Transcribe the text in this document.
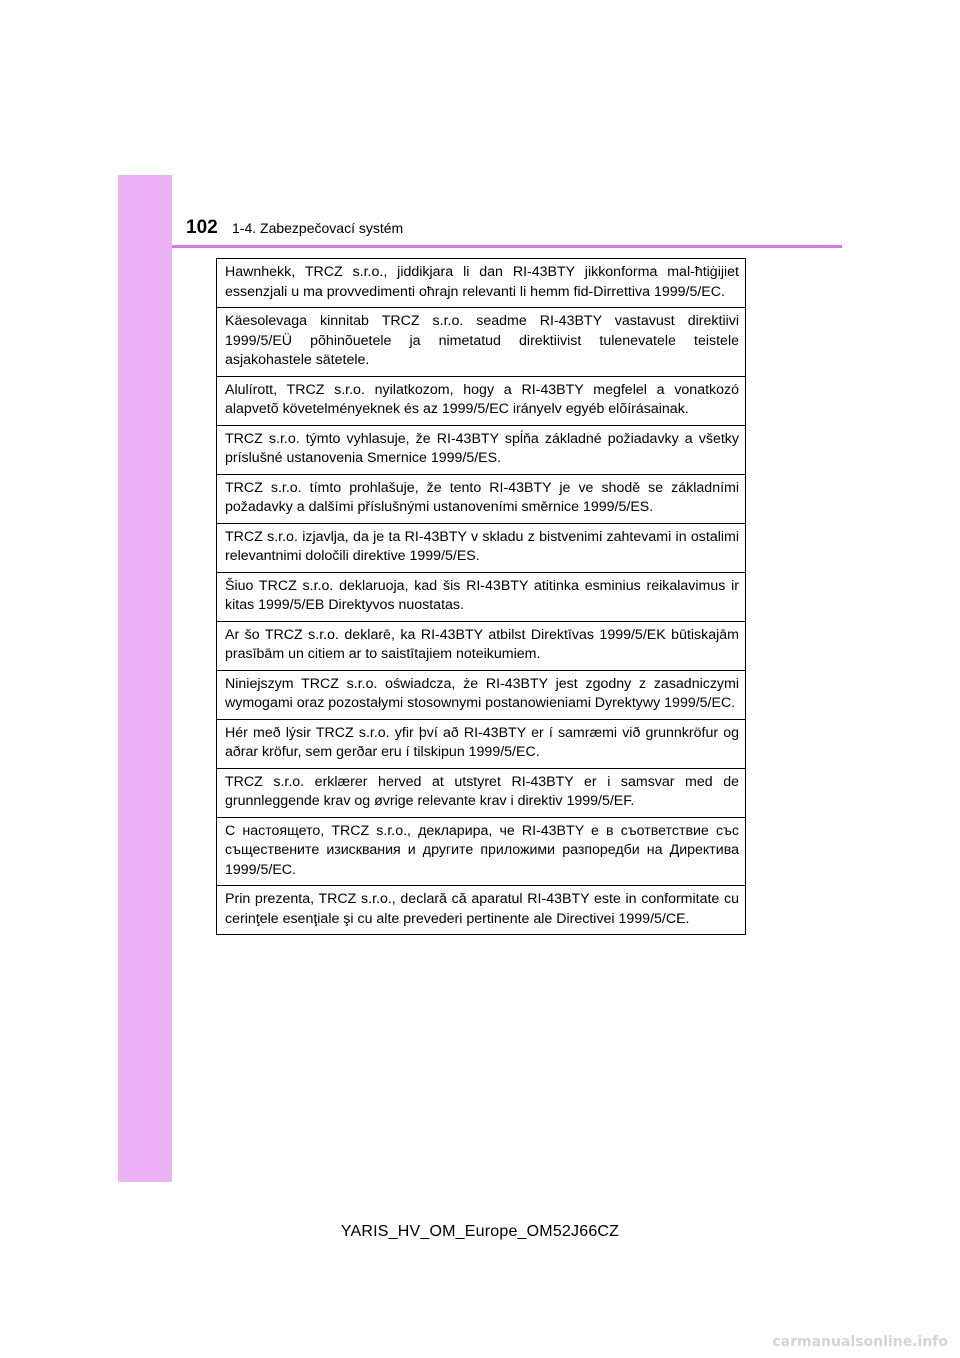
102 1-4. Zabezpečovací systém
Hawnhekk, TRCZ s.r.o., jiddikjara li dan RI-43BTY jikkonforma mal-ħtiġijiet essenzjali u ma provvedimenti oħrajn relevanti li hemm fid-Dirrettiva 1999/5/EC.
Käesolevaga kinnitab TRCZ s.r.o. seadme RI-43BTY vastavust direktiivi 1999/5/EÜ põhinõuetele ja nimetatud direktiivist tulenevatele teistele asjakohastele sätetele.
Alulírott, TRCZ s.r.o. nyilatkozom, hogy a RI-43BTY megfelel a vonatkozó alapvetõ követelményeknek és az 1999/5/EC irányelv egyéb elõírásainak.
TRCZ s.r.o. týmto vyhlasuje, že RI-43BTY spĺňa základné požiadavky a všetky príslušné ustanovenia Smernice 1999/5/ES.
TRCZ s.r.o. tímto prohlašuje, že tento RI-43BTY je ve shodě se základními požadavky a dalšími příslušnými ustanoveními směrnice 1999/5/ES.
TRCZ s.r.o. izjavlja, da je ta RI-43BTY v skladu z bistvenimi zahtevami in ostalimi relevantnimi določili direktive 1999/5/ES.
Šiuo TRCZ s.r.o. deklaruoja, kad šis RI-43BTY atitinka esminius reikalavimus ir kitas 1999/5/EB Direktyvos nuostatas.
Ar šo TRCZ s.r.o. deklarē, ka RI-43BTY atbilst Direktīvas 1999/5/EK būtiskajām prasībām un citiem ar to saistītajiem noteikumiem.
Niniejszym TRCZ s.r.o. oświadcza, że RI-43BTY jest zgodny z zasadniczymi wymogami oraz pozostałymi stosownymi postanowieniami Dyrektywy 1999/5/EC.
Hér með lýsir TRCZ s.r.o. yfir því að RI-43BTY er í samræmi við grunnkröfur og aðrar kröfur, sem gerðar eru í tilskipun 1999/5/EC.
TRCZ s.r.o. erklærer herved at utstyret RI-43BTY er i samsvar med de grunnleggende krav og øvrige relevante krav i direktiv 1999/5/EF.
С настоящето, TRCZ s.r.o., декларира, че RI-43BTY е в съответствие със съществените изисквания и другите приложими разпоредби на Директива 1999/5/ЕС.
Prin prezenta, TRCZ s.r.o., declară că aparatul RI-43BTY este in conformitate cu cerinţele esenţiale şi cu alte prevederi pertinente ale Directivei 1999/5/CE.
YARIS_HV_OM_Europe_OM52J66CZ
carmanualsonline.info
